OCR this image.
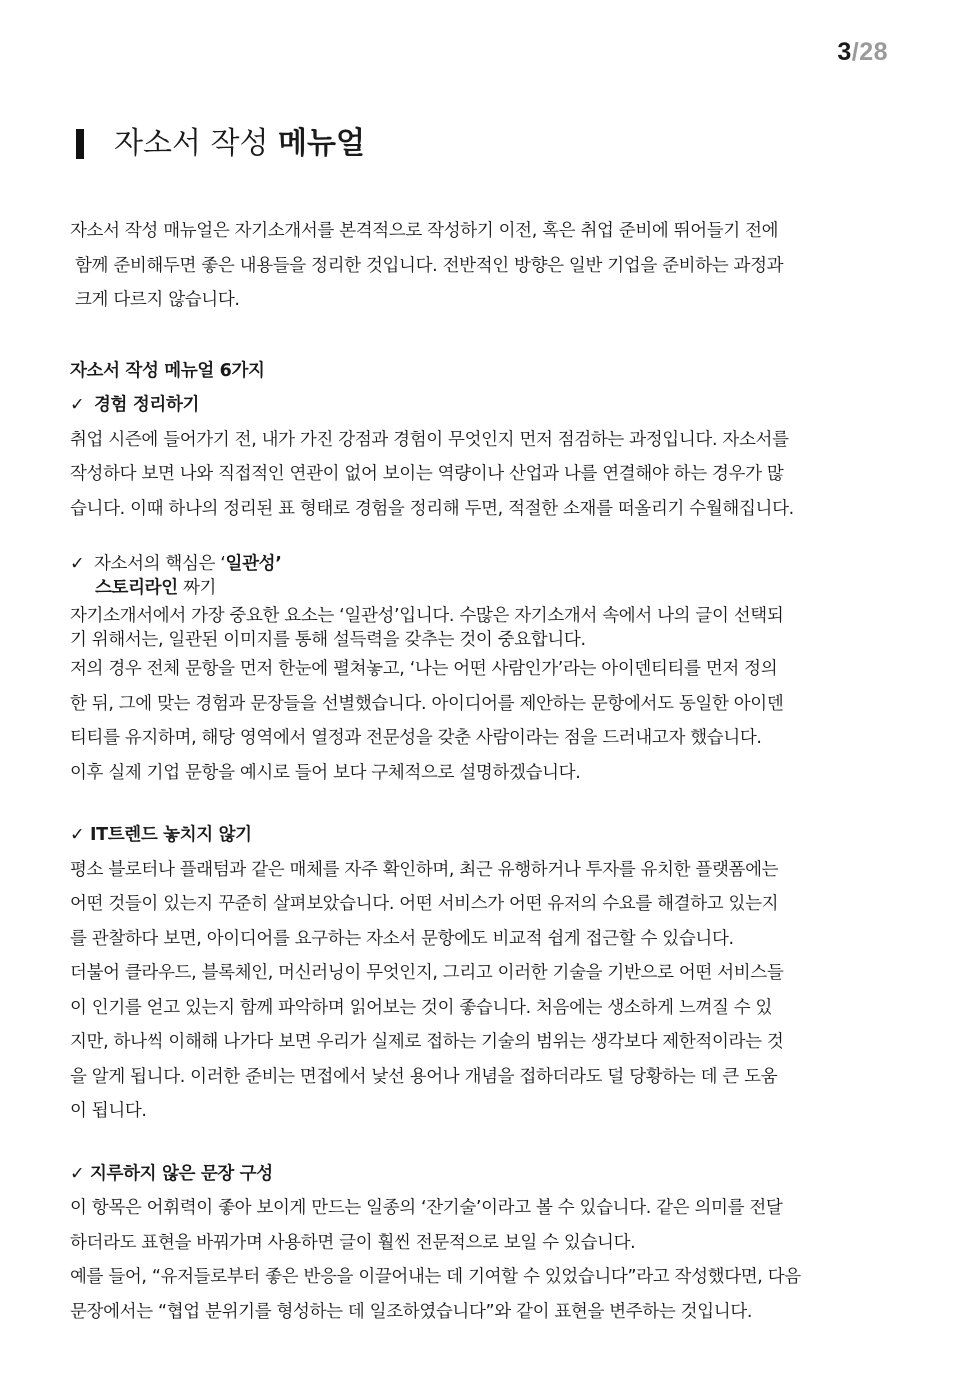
3/28
자소서 작성
메뉴얼

자소서 작성 매뉴얼은 자기소개서를 본격적으로 작성하기 이전, 혹은 취업 준비에 뛰어들기 전에

함께 준비해두면 좋은 내용들을 정리한 것입니다. 전반적인 방향은 일반 기업을 준비하는 과정과

크게 다르지 않습니다.

자소서 작성 메뉴얼 6가지

✓ 경험 정리하기

취업 시즌에 들어가기 전, 내가 가진 강점과 경험이 무엇인지 먼저 점검하는 과정입니다. 자소서를

작성하다 보면 나와 직접적인 연관이 없어 보이는 역량이나 산업과 나를 연결해야 하는 경우가 많

습니다. 이때 하나의 정리된 표 형태로 경험을 정리해 두면, 적절한 소재를 떠올리기 수월해집니다.

✓ 자소서의 핵심은 ‘일관성’

스토리라인 짜기

자기소개서에서 가장 중요한 요소는 ‘일관성’입니다. 수많은 자기소개서 속에서 나의 글이 선택되

기 위해서는, 일관된 이미지를 통해 설득력을 갖추는 것이 중요합니다.

저의 경우 전체 문항을 먼저 한눈에 펼쳐놓고, ‘나는 어떤 사람인가’라는 아이덴티티를 먼저 정의

한 뒤, 그에 맞는 경험과 문장들을 선별했습니다. 아이디어를 제안하는 문항에서도 동일한 아이덴

티티를 유지하며, 해당 영역에서 열정과 전문성을 갖춘 사람이라는 점을 드러내고자 했습니다.

이후 실제 기업 문항을 예시로 들어 보다 구체적으로 설명하겠습니다.

✓ IT트렌드 놓치지 않기

평소 블로터나 플래텀과 같은 매체를 자주 확인하며, 최근 유행하거나 투자를 유치한 플랫폼에는

어떤 것들이 있는지 꾸준히 살펴보았습니다. 어떤 서비스가 어떤 유저의 수요를 해결하고 있는지

를 관찰하다 보면, 아이디어를 요구하는 자소서 문항에도 비교적 쉽게 접근할 수 있습니다.

더불어 클라우드, 블록체인, 머신러닝이 무엇인지, 그리고 이러한 기술을 기반으로 어떤 서비스들

이 인기를 얻고 있는지 함께 파악하며 읽어보는 것이 좋습니다. 처음에는 생소하게 느껴질 수 있

지만, 하나씩 이해해 나가다 보면 우리가 실제로 접하는 기술의 범위는 생각보다 제한적이라는 것

을 알게 됩니다. 이러한 준비는 면접에서 낯선 용어나 개념을 접하더라도 덜 당황하는 데 큰 도움

이 됩니다.

✓ 지루하지 않은 문장 구성

이 항목은 어휘력이 좋아 보이게 만드는 일종의 ‘잔기술’이라고 볼 수 있습니다. 같은 의미를 전달

하더라도 표현을 바꿔가며 사용하면 글이 훨씬 전문적으로 보일 수 있습니다.

예를 들어, “유저들로부터 좋은 반응을 이끌어내는 데 기여할 수 있었습니다”라고 작성했다면, 다음

문장에서는 “협업 분위기를 형성하는 데 일조하였습니다”와 같이 표현을 변주하는 것입니다.
